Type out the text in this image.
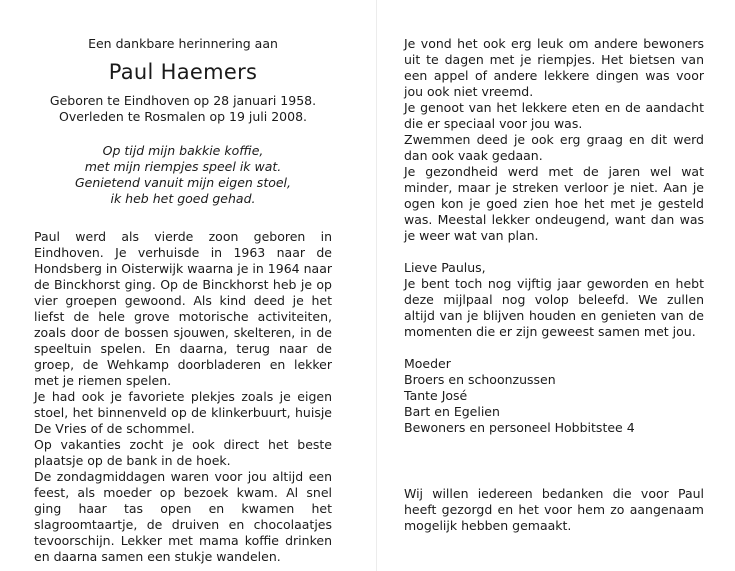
Een dankbare herinnering aan

Paul Haemers

Geboren te Eindhoven op 28 januari 1958.

Overleden te Rosmalen op 19 juli 2008.

Op tijd mijn bakkie koffie,

met mijn riempjes speel ik wat.

Genietend vanuit mijn eigen stoel,

ik heb het goed gehad.

Paul werd als vierde zoon geboren in Eindhoven. Je verhuisde in 1963 naar de Hondsberg in Oisterwijk waarna je in 1964 naar de Binckhorst ging. Op de Binckhorst heb je op vier groepen gewoond. Als kind deed je het liefst de hele grove motorische activiteiten, zoals door de bossen sjouwen, skelteren, in de speeltuin spelen. En daarna, terug naar de groep, de Wehkamp doorbladeren en lekker met je riemen spelen.

Je had ook je favoriete plekjes zoals je eigen stoel, het binnenveld op de klinkerbuurt, huisje De Vries of de schommel.

Op vakanties zocht je ook direct het beste plaatsje op de bank in de hoek.

De zondagmiddagen waren voor jou altijd een feest, als moeder op bezoek kwam. Al snel ging haar tas open en kwamen het slagroomtaartje, de druiven en chocolaatjes tevoorschijn. Lekker met mama koffie drinken en daarna samen een stukje wandelen.

Je vond het ook erg leuk om andere bewoners uit te dagen met je riempjes. Het bietsen van een appel of andere lekkere dingen was voor jou ook niet vreemd.

Je genoot van het lekkere eten en de aandacht die er speciaal voor jou was.

Zwemmen deed je ook erg graag en dit werd dan ook vaak gedaan.

Je gezondheid werd met de jaren wel wat minder, maar je streken verloor je niet. Aan je ogen kon je goed zien hoe het met je gesteld was. Meestal lekker ondeugend, want dan was je weer wat van plan.

Lieve Paulus,

Je bent toch nog vijftig jaar geworden en hebt deze mijlpaal nog volop beleefd. We zullen altijd van je blijven houden en genieten van de momenten die er zijn geweest samen met jou.

Moeder

Broers en schoonzussen

Tante José

Bart en Egelien

Bewoners en personeel Hobbitstee 4

Wij willen iedereen bedanken die voor Paul heeft gezorgd en het voor hem zo aangenaam mogelijk hebben gemaakt.
